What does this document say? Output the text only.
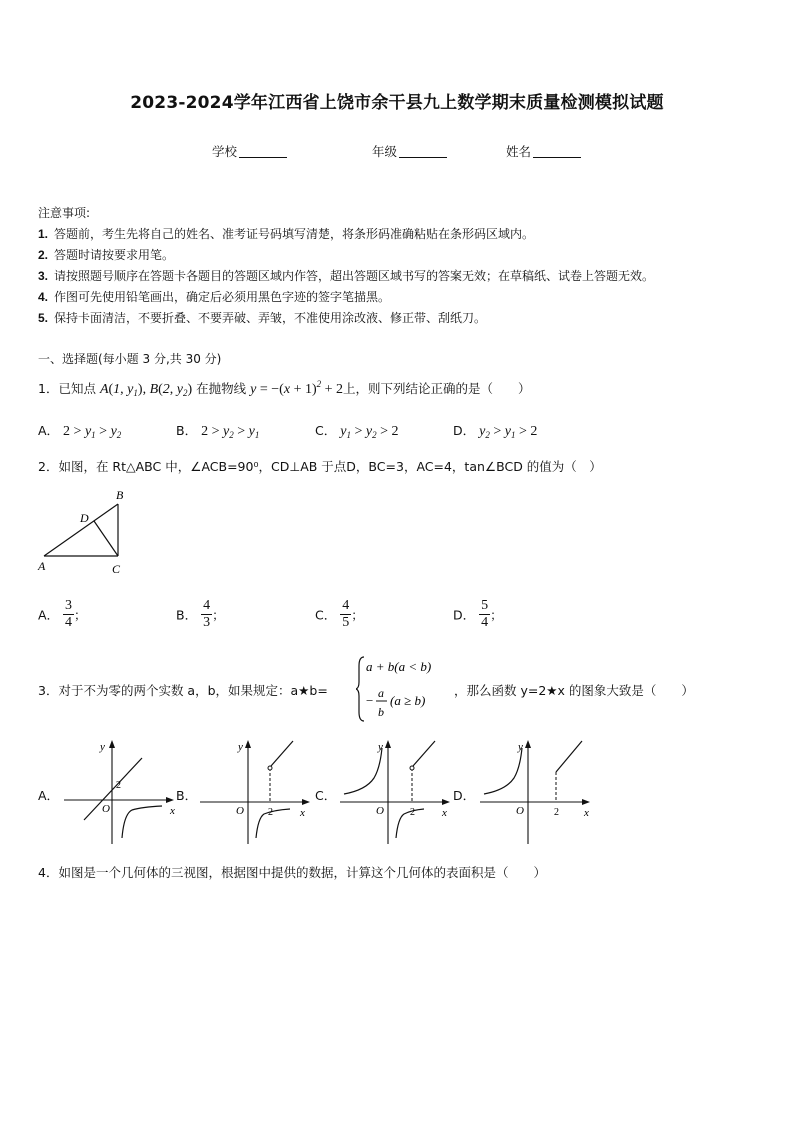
2023-2024学年江西省上饶市余干县九上数学期末质量检测模拟试题
学校	年级	姓名
注意事项:
1. 答题前，考生先将自己的姓名、准考证号码填写清楚，将条形码准确粘贴在条形码区域内。
2. 答题时请按要求用笔。
3. 请按照题号顺序在答题卡各题目的答题区域内作答，超出答题区域书写的答案无效；在草稿纸、试卷上答题无效。
4. 作图可先使用铅笔画出，确定后必须用黑色字迹的签字笔描黑。
5. 保持卡面清洁，不要折叠、不要弄破、弄皱，不准使用涂改液、修正带、刮纸刀。
一、选择题(每小题 3 分,共 30 分)
1．已知点 A(1, $y_1$), B(2, $y_2$) 在抛物线 $y = -(x + 1)^2 + 2$上，则下列结论正确的是（　　）
A． $2 > y_1 > y_2$	B． $2 > y_2 > y_1$	C． $y_1 > y_2 > 2$	D． $y_2 > y_1 > 2$
2．如图，在 Rt△ABC 中，∠ACB=90⁰，CD⊥AB 于点D，BC=3，AC=4，tan∠BCD 的值为（　）
A
B
C
D
A． $\frac{3}{4}$ ；	B． $\frac{4}{3}$ ；	C． $\frac{4}{5}$ ；	D． $\frac{5}{4}$ ；
3．对于不为零的两个实数 a，b，如果规定：a★b=
a + b(a < b)
− a
b
(a ≥ b)
，那么函数 y=2★x 的图象大致是（　　）
A．
x
y
O
2
B．
x
y
O 2
C．
x
y
O	2
D．
x
y
O	2
4．如图是一个几何体的三视图，根据图中提供的数据，计算这个几何体的表面积是（　　）
